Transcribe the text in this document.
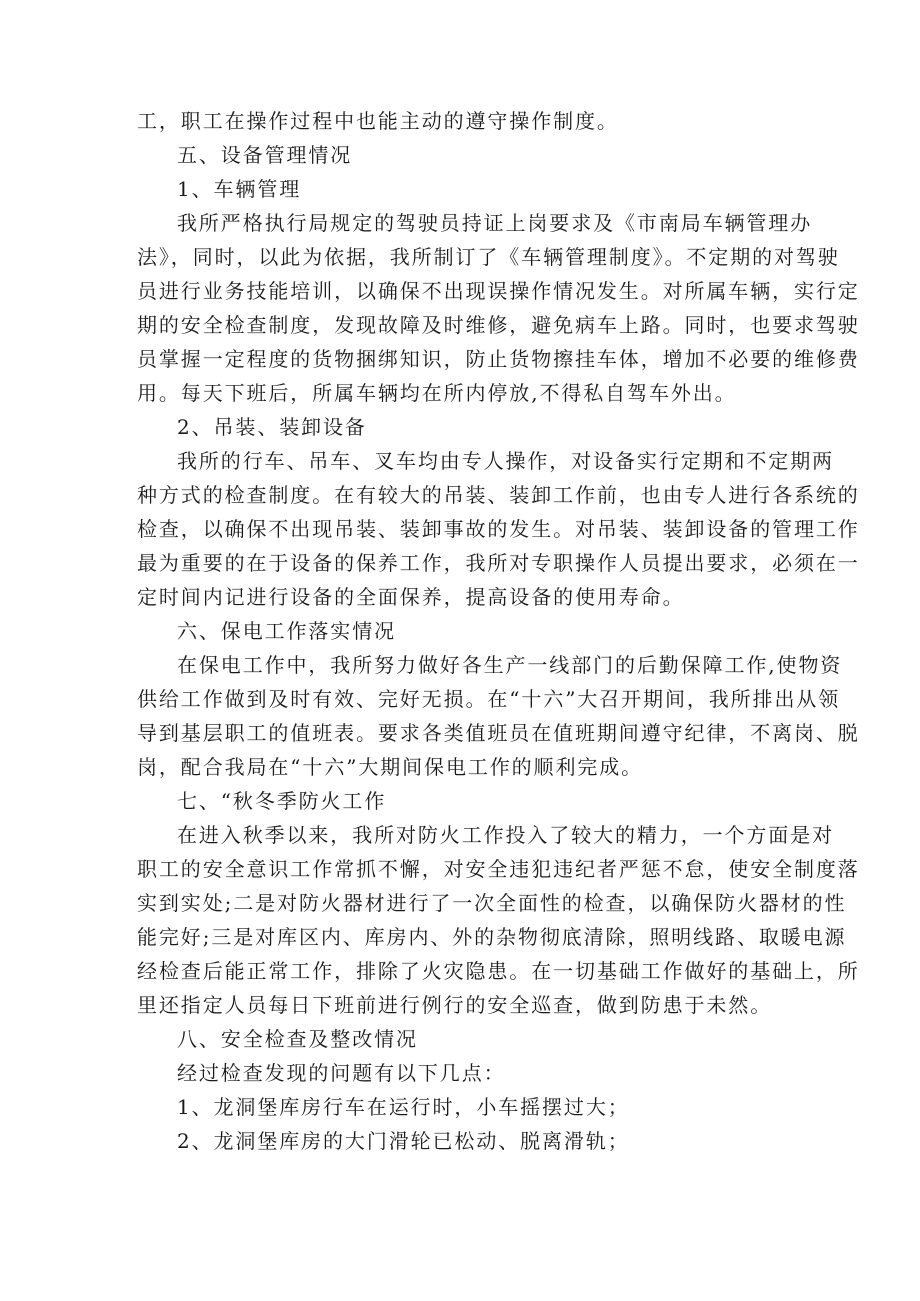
工，职工在操作过程中也能主动的遵守操作制度。
五、设备管理情况
1、车辆管理
我所严格执行局规定的驾驶员持证上岗要求及《市南局车辆管理办
法》，同时，以此为依据，我所制订了《车辆管理制度》。不定期的对驾驶
员进行业务技能培训，以确保不出现误操作情况发生。对所属车辆，实行定
期的安全检查制度，发现故障及时维修，避免病车上路。同时，也要求驾驶
员掌握一定程度的货物捆绑知识，防止货物擦挂车体，增加不必要的维修费
用。每天下班后，所属车辆均在所内停放,不得私自驾车外出。
2、吊装、装卸设备
我所的行车、吊车、叉车均由专人操作，对设备实行定期和不定期两
种方式的检查制度。在有较大的吊装、装卸工作前，也由专人进行各系统的
检查，以确保不出现吊装、装卸事故的发生。对吊装、装卸设备的管理工作
最为重要的在于设备的保养工作，我所对专职操作人员提出要求，必须在一
定时间内记进行设备的全面保养，提高设备的使用寿命。
六、保电工作落实情况
在保电工作中，我所努力做好各生产一线部门的后勤保障工作,使物资
供给工作做到及时有效、完好无损。在“十六”大召开期间，我所排出从领
导到基层职工的值班表。要求各类值班员在值班期间遵守纪律，不离岗、脱
岗，配合我局在“十六”大期间保电工作的顺利完成。
七、“秋冬季防火工作
在进入秋季以来，我所对防火工作投入了较大的精力，一个方面是对
职工的安全意识工作常抓不懈，对安全违犯违纪者严惩不怠，使安全制度落
实到实处;二是对防火器材进行了一次全面性的检查，以确保防火器材的性
能完好;三是对库区内、库房内、外的杂物彻底清除，照明线路、取暖电源
经检查后能正常工作，排除了火灾隐患。在一切基础工作做好的基础上，所
里还指定人员每日下班前进行例行的安全巡查，做到防患于未然。
八、安全检查及整改情况
经过检查发现的问题有以下几点：
1、龙洞堡库房行车在运行时，小车摇摆过大；
2、龙洞堡库房的大门滑轮已松动、脱离滑轨；
